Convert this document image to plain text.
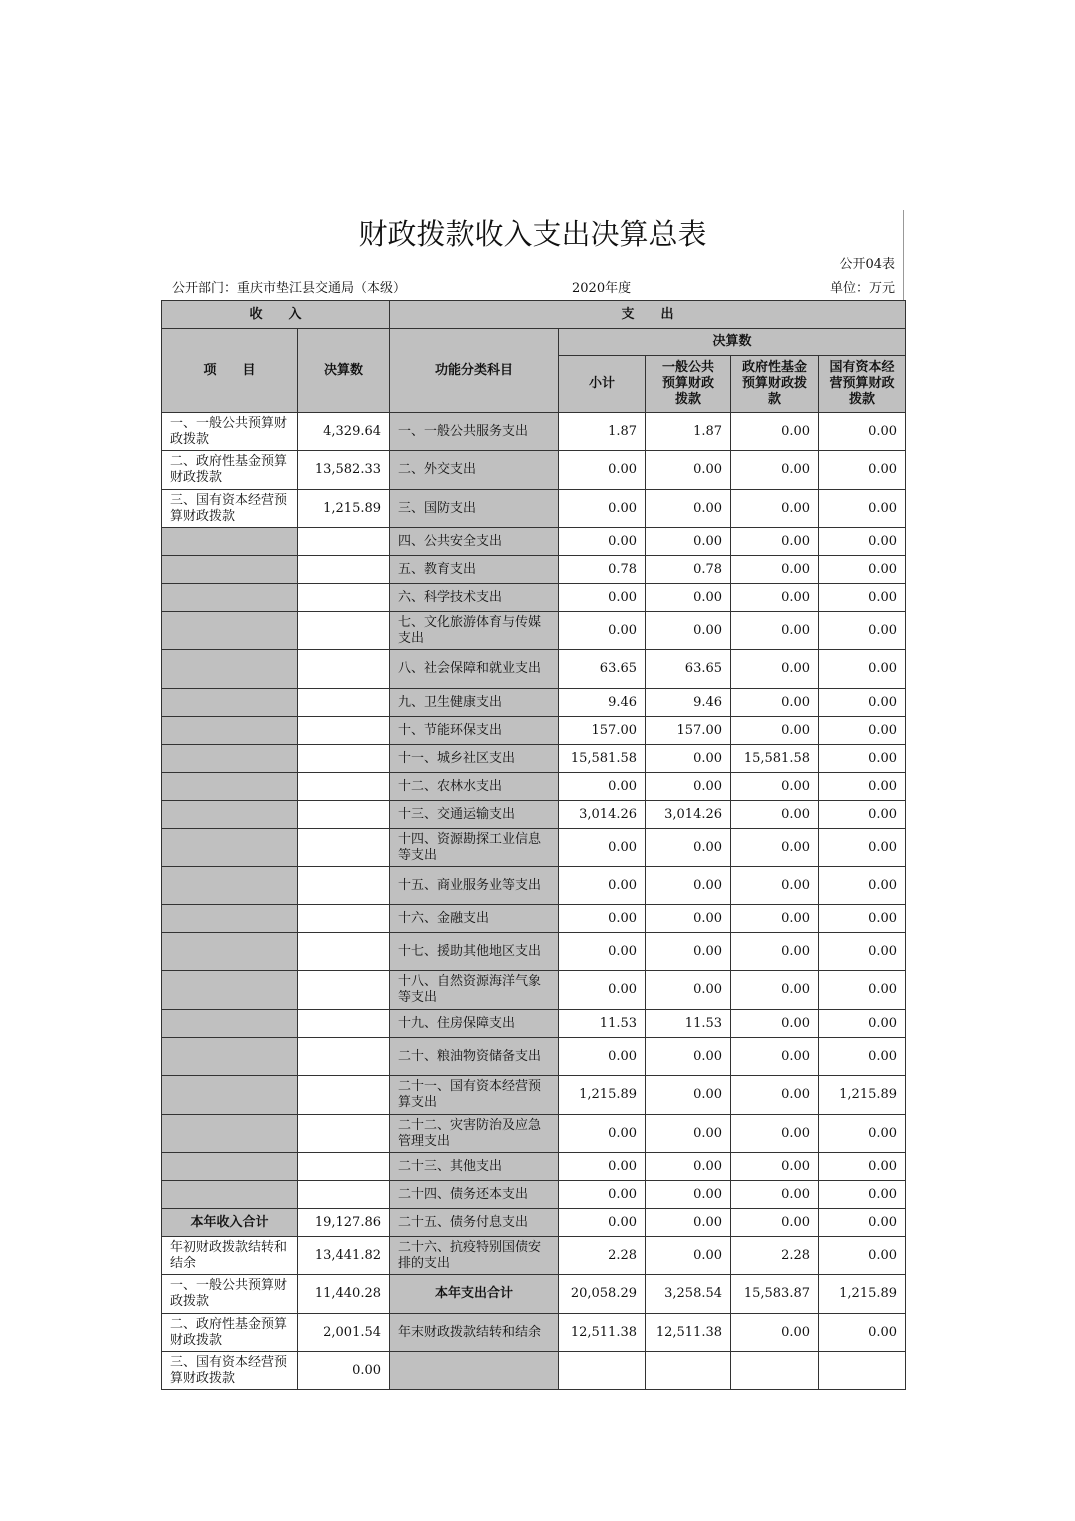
财政拨款收入支出决算总表
公开04表
公开部门：重庆市垫江县交通局（本级）	2020年度	单位：万元
收　　入		支　　出				
项　　目	决算数	功能分类科目	决算数			
			小计	一般公共预算财政拨款	政府性基金预算财政拨款	国有资本经营预算财政拨款
一、一般公共预算财政拨款	4,329.64	一、一般公共服务支出	1.87	1.87	0.00	0.00
二、政府性基金预算财政拨款	13,582.33	二、外交支出	0.00	0.00	0.00	0.00
三、国有资本经营预算财政拨款	1,215.89	三、国防支出	0.00	0.00	0.00	0.00
		四、公共安全支出	0.00	0.00	0.00	0.00
		五、教育支出	0.78	0.78	0.00	0.00
		六、科学技术支出	0.00	0.00	0.00	0.00
		七、文化旅游体育与传媒支出	0.00	0.00	0.00	0.00
		八、社会保障和就业支出	63.65	63.65	0.00	0.00
		九、卫生健康支出	9.46	9.46	0.00	0.00
		十、节能环保支出	157.00	157.00	0.00	0.00
		十一、城乡社区支出	15,581.58	0.00	15,581.58	0.00
		十二、农林水支出	0.00	0.00	0.00	0.00
		十三、交通运输支出	3,014.26	3,014.26	0.00	0.00
		十四、资源勘探工业信息等支出	0.00	0.00	0.00	0.00
		十五、商业服务业等支出	0.00	0.00	0.00	0.00
		十六、金融支出	0.00	0.00	0.00	0.00
		十七、援助其他地区支出	0.00	0.00	0.00	0.00
		十八、自然资源海洋气象等支出	0.00	0.00	0.00	0.00
		十九、住房保障支出	11.53	11.53	0.00	0.00
		二十、粮油物资储备支出	0.00	0.00	0.00	0.00
		二十一、国有资本经营预算支出	1,215.89	0.00	0.00	1,215.89
		二十二、灾害防治及应急管理支出	0.00	0.00	0.00	0.00
		二十三、其他支出	0.00	0.00	0.00	0.00
		二十四、债务还本支出	0.00	0.00	0.00	0.00
本年收入合计	19,127.86	二十五、债务付息支出	0.00	0.00	0.00	0.00
年初财政拨款结转和结余	13,441.82	二十六、抗疫特别国债安排的支出	2.28	0.00	2.28	0.00
一、一般公共预算财政拨款	11,440.28	本年支出合计	20,058.29	3,258.54	15,583.87	1,215.89
二、政府性基金预算财政拨款	2,001.54	年末财政拨款结转和结余	12,511.38	12,511.38	0.00	0.00
三、国有资本经营预算财政拨款	0.00					
